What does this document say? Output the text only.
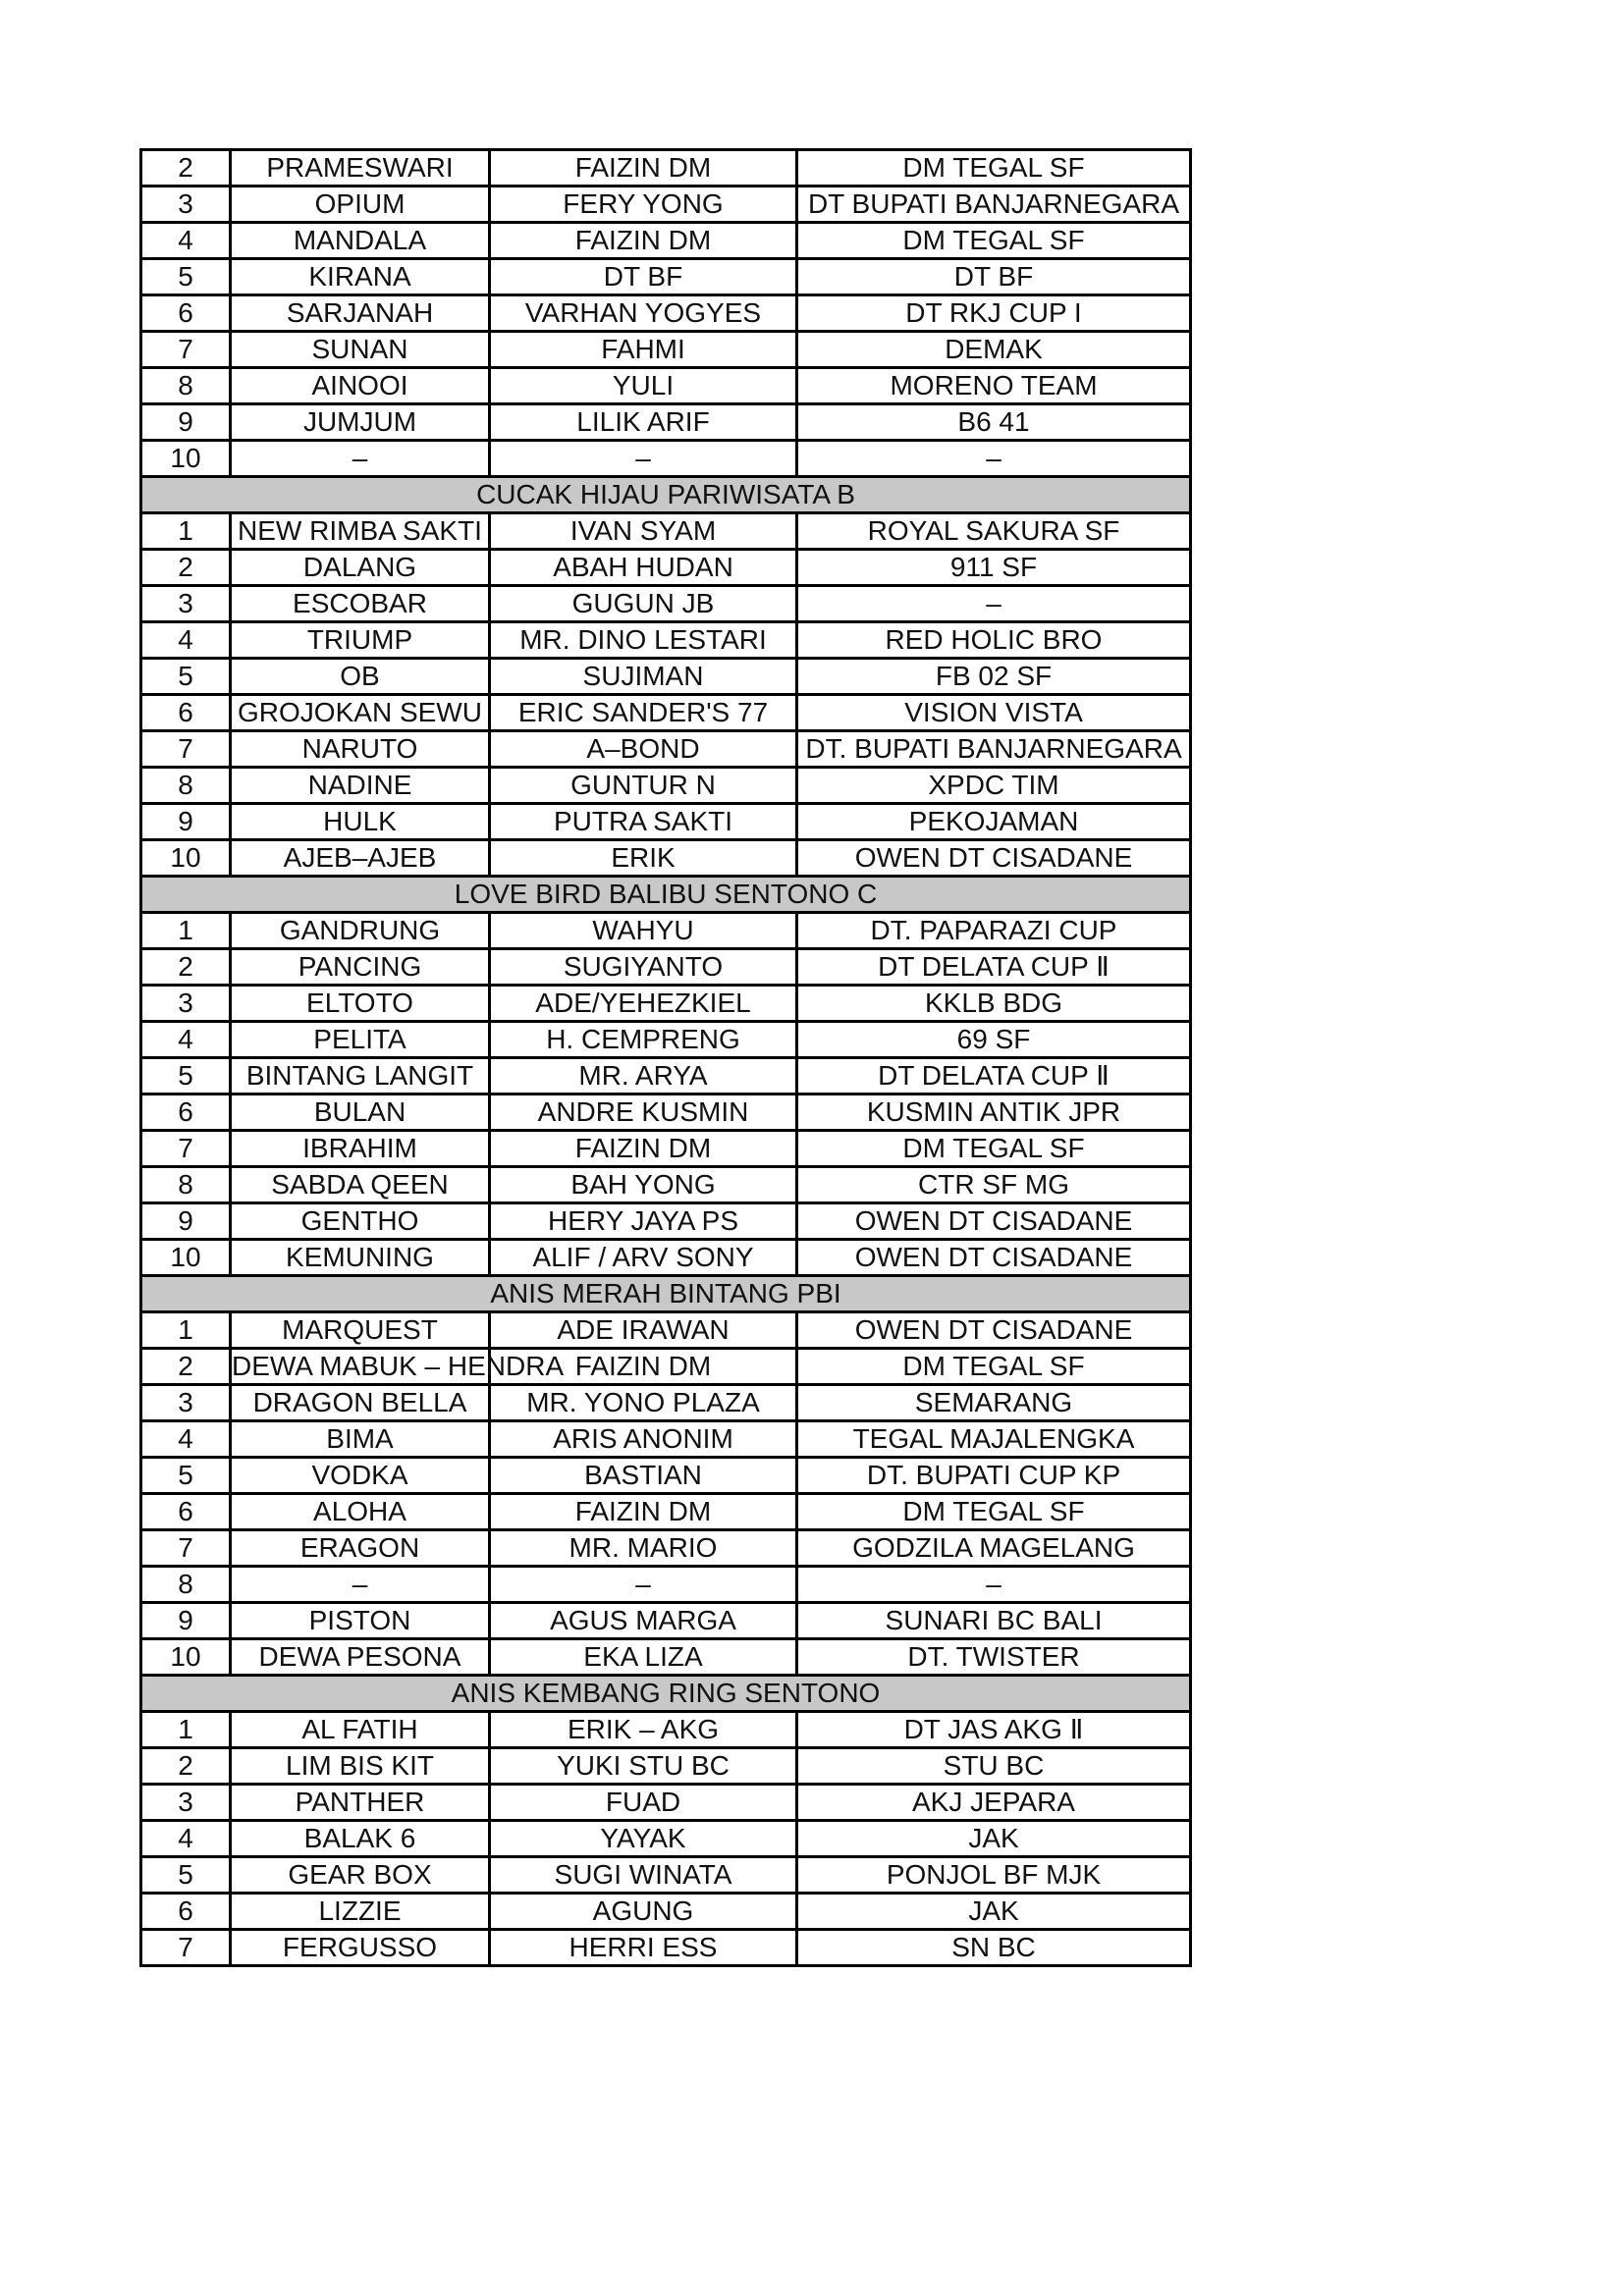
2	PRAMESWARI	FAIZIN DM	DM TEGAL SF
3	OPIUM	FERY YONG	DT BUPATI BANJARNEGARA
4	MANDALA	FAIZIN DM	DM TEGAL SF
5	KIRANA	DT BF	DT BF
6	SARJANAH	VARHAN YOGYES	DT RKJ CUP I
7	SUNAN	FAHMI	DEMAK
8	AINOOI	YULI	MORENO TEAM
9	JUMJUM	LILIK ARIF	B6 41
10	–	–	–
CUCAK HIJAU PARIWISATA B			
1	NEW RIMBA SAKTI	IVAN SYAM	ROYAL SAKURA SF
2	DALANG	ABAH HUDAN	911 SF
3	ESCOBAR	GUGUN JB	–
4	TRIUMP	MR. DINO LESTARI	RED HOLIC BRO
5	OB	SUJIMAN	FB 02 SF
6	GROJOKAN SEWU	ERIC SANDER'S 77	VISION VISTA
7	NARUTO	A–BOND	DT. BUPATI BANJARNEGARA
8	NADINE	GUNTUR N	XPDC TIM
9	HULK	PUTRA SAKTI	PEKOJAMAN
10	AJEB–AJEB	ERIK	OWEN DT CISADANE
LOVE BIRD BALIBU SENTONO C			
1	GANDRUNG	WAHYU	DT. PAPARAZI CUP
2	PANCING	SUGIYANTO	DT DELATA CUP Ⅱ
3	ELTOTO	ADE/YEHEZKIEL	KKLB BDG
4	PELITA	H. CEMPRENG	69 SF
5	BINTANG LANGIT	MR. ARYA	DT DELATA CUP Ⅱ
6	BULAN	ANDRE KUSMIN	KUSMIN ANTIK JPR
7	IBRAHIM	FAIZIN DM	DM TEGAL SF
8	SABDA QEEN	BAH YONG	CTR SF MG
9	GENTHO	HERY JAYA PS	OWEN DT CISADANE
10	KEMUNING	ALIF / ARV SONY	OWEN DT CISADANE
ANIS MERAH BINTANG PBI			
1	MARQUEST	ADE IRAWAN	OWEN DT CISADANE
2	DEWA MABUK – HENDRA	FAIZIN DM	DM TEGAL SF
3	DRAGON BELLA	MR. YONO PLAZA	SEMARANG
4	BIMA	ARIS ANONIM	TEGAL MAJALENGKA
5	VODKA	BASTIAN	DT. BUPATI CUP KP
6	ALOHA	FAIZIN DM	DM TEGAL SF
7	ERAGON	MR. MARIO	GODZILA MAGELANG
8	–	–	–
9	PISTON	AGUS MARGA	SUNARI BC BALI
10	DEWA PESONA	EKA LIZA	DT. TWISTER
ANIS KEMBANG RING SENTONO			
1	AL FATIH	ERIK – AKG	DT JAS AKG Ⅱ
2	LIM BIS KIT	YUKI STU BC	STU BC
3	PANTHER	FUAD	AKJ JEPARA
4	BALAK 6	YAYAK	JAK
5	GEAR BOX	SUGI WINATA	PONJOL BF MJK
6	LIZZIE	AGUNG	JAK
7	FERGUSSO	HERRI ESS	SN BC
